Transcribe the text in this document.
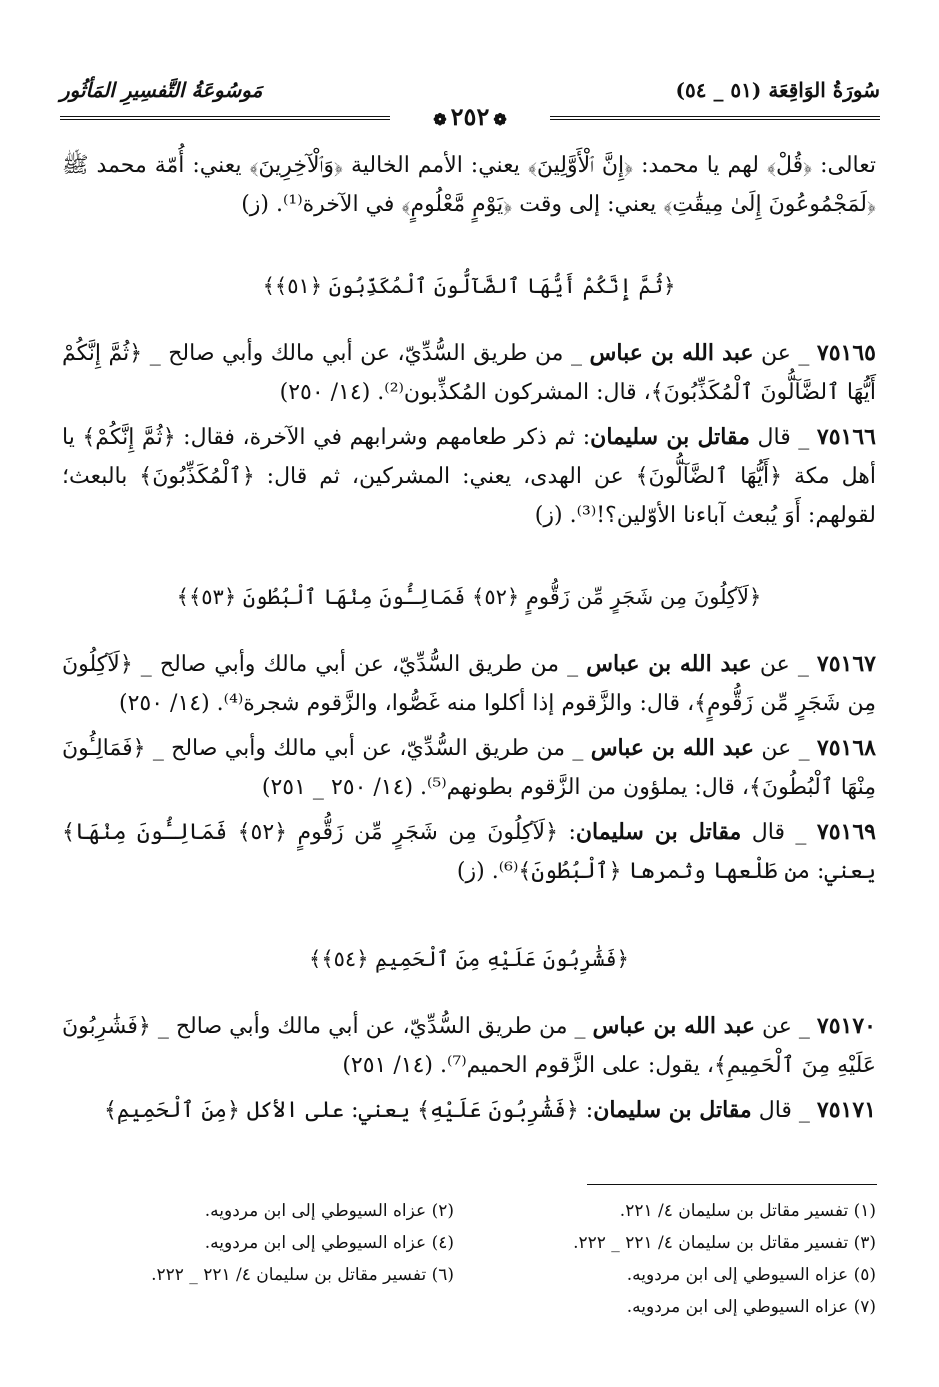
سُورَةُ الوَاقِعَة (٥١ _ ٥٤)
مَوسُوعَةُ التَّفسِيرِ المَأثُور
❁ ٢٥٢ ❁

تعالى: ﴿قُلْ﴾ لهم يا محمد: ﴿إِنَّ ٱلْأَوَّلِينَ﴾ يعني: الأمم الخالية ﴿وَٱلْآخِرِينَ﴾ يعني: أُمّة محمد ﷺ ﴿لَمَجْمُوعُونَ إِلَىٰ مِيقَٰتِ﴾ يعني: إلى وقت ﴿يَوْمٍ مَّعْلُومٍ﴾ في الآخرة⁽¹⁾. (ز)

﴿ثُمَّ إِنَّكُمْ أَيُّهَا ٱلضَّآلُّونَ ٱلْمُكَذِّبُونَ ﴿٥١﴾﴾

٧٥١٦٥ _ عن عبد الله بن عباس _ من طريق السُّدِّيّ، عن أبي مالك وأبي صالح _ ﴿ثُمَّ إِنَّكُمْ أَيُّهَا ٱلضَّآلُّونَ ٱلْمُكَذِّبُونَ﴾، قال: المشركون المُكذِّبون⁽²⁾. (١٤/ ٢٥٠)

٧٥١٦٦ _ قال مقاتل بن سليمان: ثم ذكر طعامهم وشرابهم في الآخرة، فقال: ﴿ثُمَّ إِنَّكُمْ﴾ يا أهل مكة ﴿أَيُّهَا ٱلضَّآلُّونَ﴾ عن الهدى، يعني: المشركين، ثم قال: ﴿ٱلْمُكَذِّبُونَ﴾ بالبعث؛ لقولهم: أَوَ يُبعث آباءنا الأوّلين؟!⁽³⁾. (ز)

﴿لَآكِلُونَ مِن شَجَرٍ مِّن زَقُّومٍ ﴿٥٢﴾ فَمَالِـُٔونَ مِنْهَا ٱلْبُطُونَ ﴿٥٣﴾﴾

٧٥١٦٧ _ عن عبد الله بن عباس _ من طريق السُّدِّيّ، عن أبي مالك وأبي صالح _ ﴿لَآكِلُونَ مِن شَجَرٍ مِّن زَقُّومٍ﴾، قال: والزَّقوم إذا أكلوا منه غَصُّوا، والزَّقوم شجرة⁽⁴⁾. (١٤/ ٢٥٠)

٧٥١٦٨ _ عن عبد الله بن عباس _ من طريق السُّدِّيّ، عن أبي مالك وأبي صالح _ ﴿فَمَالِـُٔونَ مِنْهَا ٱلْبُطُونَ﴾، قال: يملؤون من الزَّقوم بطونهم⁽⁵⁾. (١٤/ ٢٥٠ _ ٢٥١)

٧٥١٦٩ _ قال مقاتل بن سليمان: ﴿لَآكِلُونَ مِن شَجَرٍ مِّن زَقُّومٍ ﴿٥٢﴾ فَمَالِـُٔونَ مِنْهَا﴾ يعني: من طَلْعها وثمرها ﴿ٱلْبُطُونَ﴾⁽⁶⁾. (ز)

﴿فَشَٰرِبُونَ عَلَيْهِ مِنَ ٱلْحَمِيمِ ﴿٥٤﴾﴾

٧٥١٧٠ _ عن عبد الله بن عباس _ من طريق السُّدِّيّ، عن أبي مالك وأبي صالح _ ﴿فَشَٰرِبُونَ عَلَيْهِ مِنَ ٱلْحَمِيمِ﴾، يقول: على الزَّقوم الحميم⁽⁷⁾. (١٤/ ٢٥١)

٧٥١٧١ _ قال مقاتل بن سليمان: ﴿فَشَٰرِبُونَ عَلَيْهِ﴾ يعني: على الأكل ﴿مِنَ ٱلْحَمِيمِ﴾

(١) تفسير مقاتل بن سليمان ٤/ ٢٢١.
(٢) عزاه السيوطي إلى ابن مردويه.
(٣) تفسير مقاتل بن سليمان ٤/ ٢٢١ _ ٢٢٢.
(٤) عزاه السيوطي إلى ابن مردويه.
(٥) عزاه السيوطي إلى ابن مردويه.
(٦) تفسير مقاتل بن سليمان ٤/ ٢٢١ _ ٢٢٢.
(٧) عزاه السيوطي إلى ابن مردويه.
